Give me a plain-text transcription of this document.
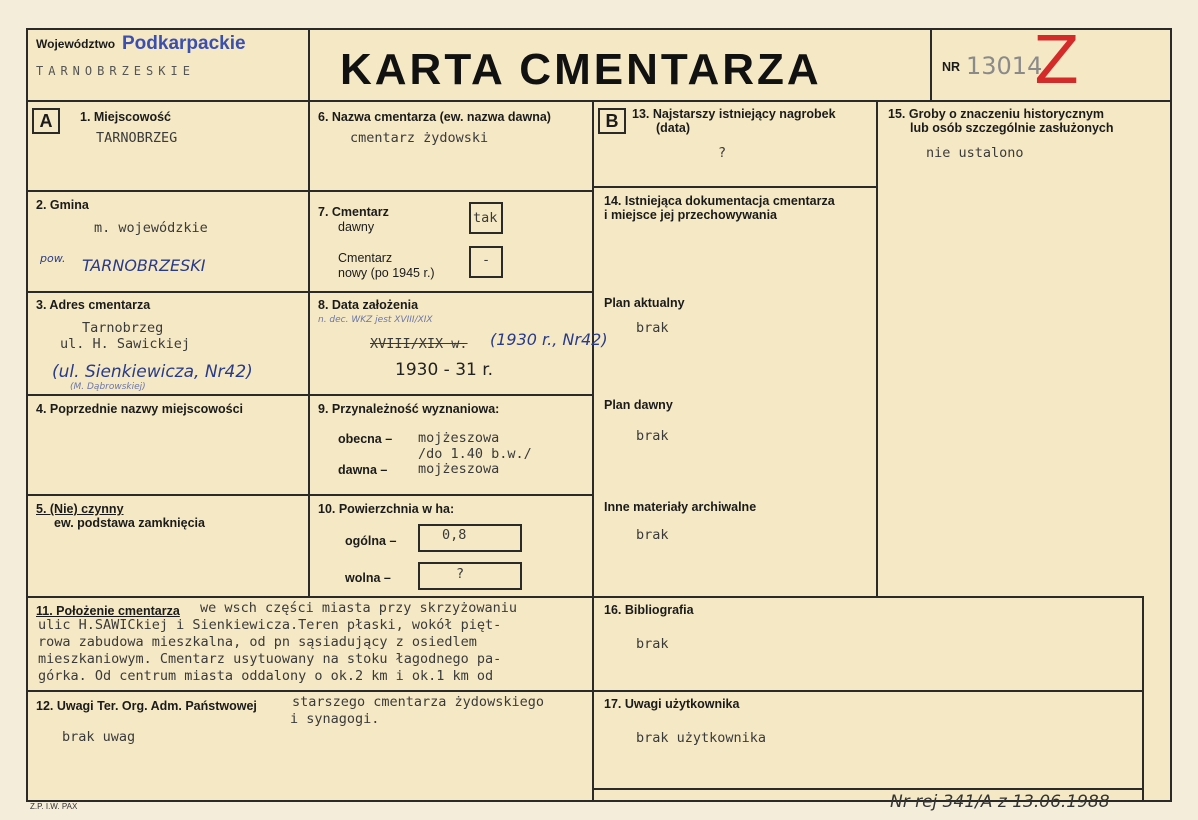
Województwo Podkarpackie
TARNOBRZESKIE	KARTA CMENTARZA	NR 13014
Z
A	B
1. Miejscowość
TARNOBRZEG
6. Nazwa cmentarza (ew. nazwa dawna)
cmentarz żydowski
2. Gmina
m. wojewódzkie
pow. TARNOBRZESKI
7. Cmentarz
dawny
tak
Cmentarz
nowy (po 1945 r.)
-
3. Adres cmentarza
Tarnobrzeg
ul. H. Sawickiej
(ul. Sienkiewicza, Nr42)
(M. Dąbrowskiej)
8. Data założenia
n. dec. WKZ jest XVIII/XIX
XVIII/XIX w. (1930 r., Nr42)
1930 - 31 r.
4. Poprzednie nazwy miejscowości	9. Przynależność wyznaniowa:
obecna – mojżeszowa
/do 1.40 b.w./
dawna – mojżeszowa
5. (Nie) czynny
ew. podstawa zamknięcia
10. Powierzchnia w ha:
ogólna –	0,8
wolna –	?
11. Położenie cmentarza we wsch części miasta przy skrzyżowaniu
ulic H.SAWICkiej i Sienkiewicza.Teren płaski, wokół pięt-
rowa zabudowa mieszkalna, od pn sąsiadujący z osiedlem
mieszkaniowym. Cmentarz usytuowany na stoku łagodnego pa-
górka. Od centrum miasta oddalony o ok.2 km i ok.1 km od
starszego cmentarza żydowskiego
i synagogi.
12. Uwagi Ter. Org. Adm. Państwowej
brak uwag
13. Najstarszy istniejący nagrobek
(data)
?
14. Istniejąca dokumentacja cmentarza
i miejsce jej przechowywania
Plan aktualny
brak
Plan dawny
brak
Inne materiały archiwalne
brak
15. Groby o znaczeniu historycznym
lub osób szczególnie zasłużonych
nie ustalono
16. Bibliografia
brak
17. Uwagi użytkownika
brak użytkownika
Z.P. I.W. PAX	Nr rej 341/A z 13.06.1988
